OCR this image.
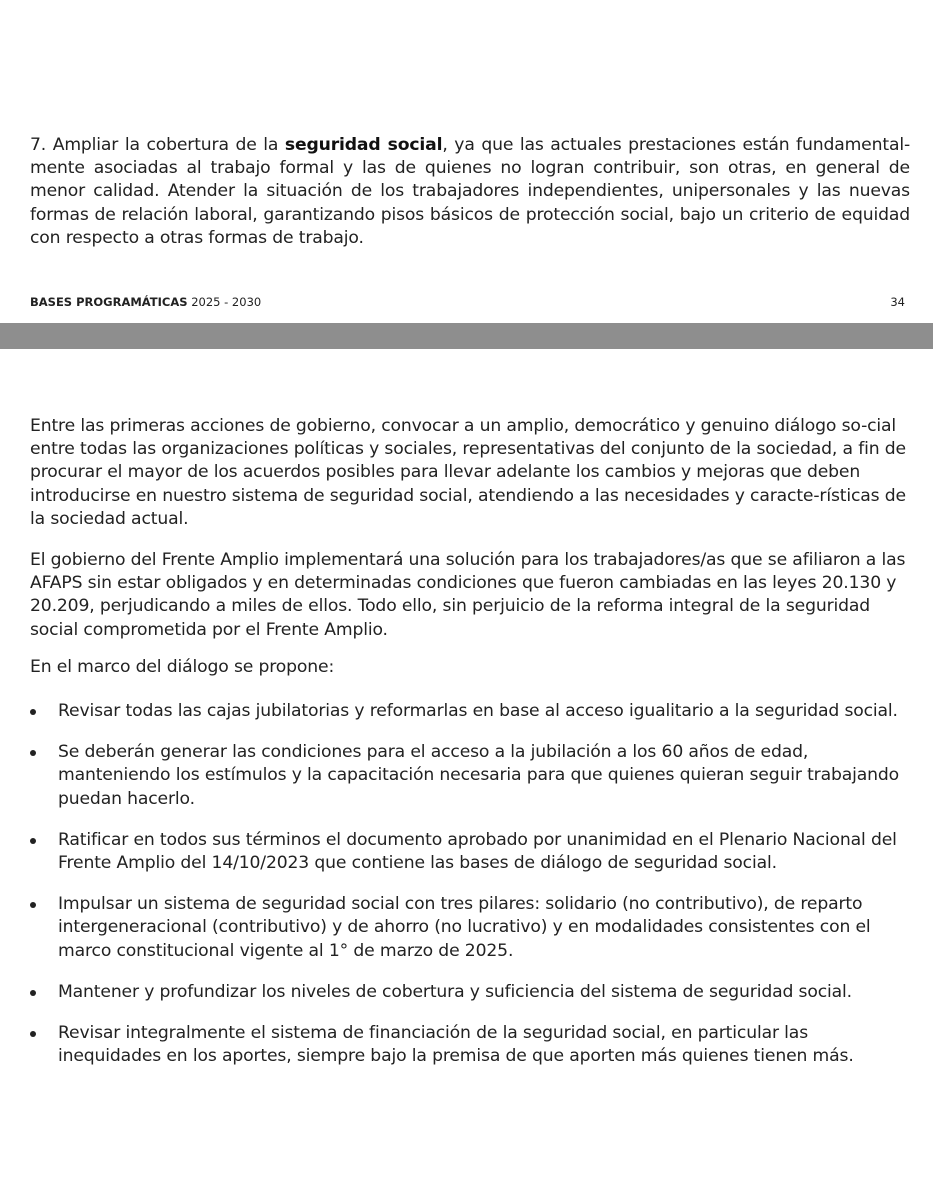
7. Ampliar la cobertura de la seguridad social, ya que las actuales prestaciones están fundamental-mente asociadas al trabajo formal y las de quienes no logran contribuir, son otras, en general de menor calidad. Atender la situación de los trabajadores independientes, unipersonales y las nuevas formas de relación laboral, garantizando pisos básicos de protección social, bajo un criterio de equidad con respecto a otras formas de trabajo.

BASES PROGRAMÁTICAS 2025 - 2030	34

Entre las primeras acciones de gobierno, convocar a un amplio, democrático y genuino diálogo so-cial entre todas las organizaciones políticas y sociales, representativas del conjunto de la sociedad, a fin de procurar el mayor de los acuerdos posibles para llevar adelante los cambios y mejoras que deben introducirse en nuestro sistema de seguridad social, atendiendo a las necesidades y caracte-rísticas de la sociedad actual.

El gobierno del Frente Amplio implementará una solución para los trabajadores/as que se afiliaron a las AFAPS sin estar obligados y en determinadas condiciones que fueron cambiadas en las leyes 20.130 y 20.209, perjudicando a miles de ellos. Todo ello, sin perjuicio de la reforma integral de la seguridad social comprometida por el Frente Amplio.

En el marco del diálogo se propone:

Revisar todas las cajas jubilatorias y reformarlas en base al acceso igualitario a la seguridad social.
Se deberán generar las condiciones para el acceso a la jubilación a los 60 años de edad, manteniendo los estímulos y la capacitación necesaria para que quienes quieran seguir trabajando puedan hacerlo.
Ratificar en todos sus términos el documento aprobado por unanimidad en el Plenario Nacional del Frente Amplio del 14/10/2023 que contiene las bases de diálogo de seguridad social.
Impulsar un sistema de seguridad social con tres pilares: solidario (no contributivo), de reparto intergeneracional (contributivo) y de ahorro (no lucrativo) y en modalidades consistentes con el marco constitucional vigente al 1° de marzo de 2025.
Mantener y profundizar los niveles de cobertura y suficiencia del sistema de seguridad social.
Revisar integralmente el sistema de financiación de la seguridad social, en particular las inequidades en los aportes, siempre bajo la premisa de que aporten más quienes tienen más.
